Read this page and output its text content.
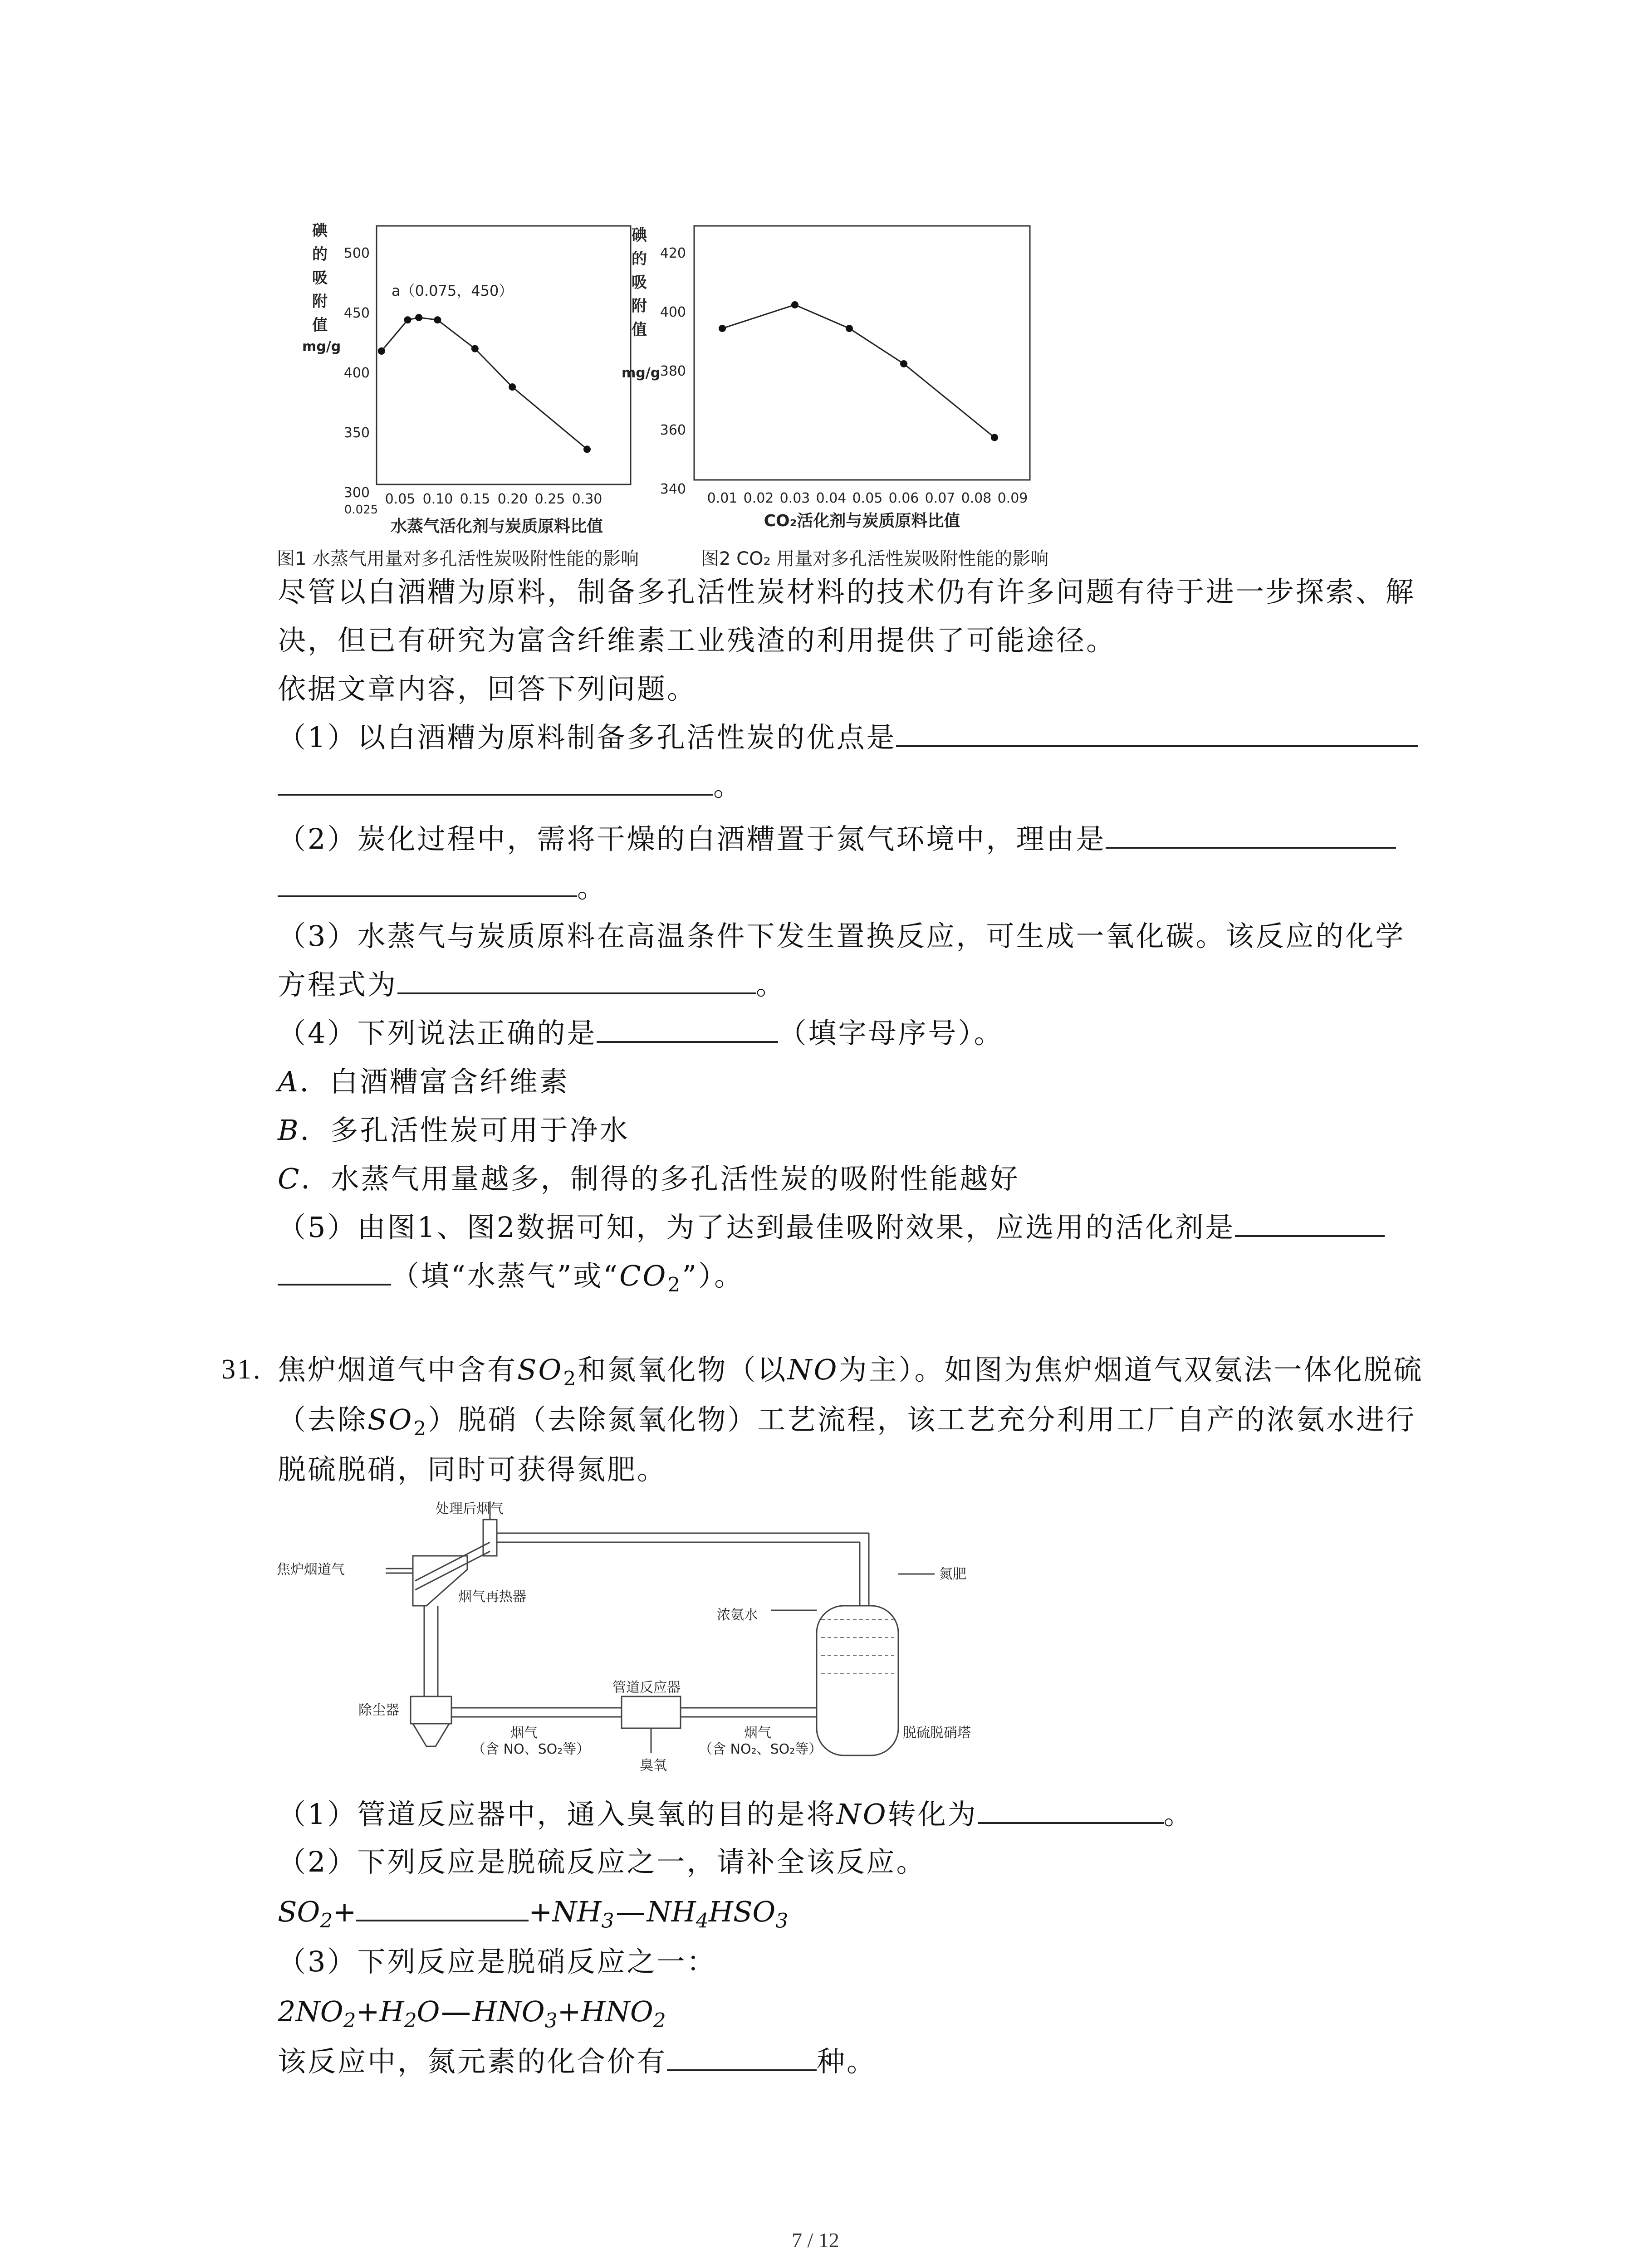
碘
的
吸
附
值
mg/g
500
450
400
350
300
0.025
0.05 0.10 0.15 0.20 0.25 0.30
a（0.075，450）
水蒸气活化剂与炭质原料比值
图1 水蒸气用量对多孔活性炭吸附性能的影响
碘
的
吸
附
值
mg/g
420
400
380
360
340
0.01 0.02 0.03 0.04 0.05 0.06 0.07 0.08 0.09
CO₂活化剂与炭质原料比值
图2 CO₂ 用量对多孔活性炭吸附性能的影响
尽管以白酒糟为原料，制备多孔活性炭材料的技术仍有许多问题有待于进一步探索、解
决，但已有研究为富含纤维素工业残渣的利用提供了可能途径。
依据文章内容，回答下列问题。
（1）以白酒糟为原料制备多孔活性炭的优点是
。
（2）炭化过程中，需将干燥的白酒糟置于氮气环境中，理由是
。
（3）水蒸气与炭质原料在高温条件下发生置换反应，可生成一氧化碳。该反应的化学
方程式为	。
（4）下列说法正确的是	（填字母序号）。
A．白酒糟富含纤维素
B．多孔活性炭可用于净水
C．水蒸气用量越多，制得的多孔活性炭的吸附性能越好
（5）由图1、图2数据可知，为了达到最佳吸附效果，应选用的活化剂是
（填“水蒸气”或“$CO_2$”）。
31. 焦炉烟道气中含有$SO_2$和氮氧化物（以NO为主）。如图为焦炉烟道气双氨法一体化脱硫
（去除$SO_2$）脱硝（去除氮氧化物）工艺流程，该工艺充分利用工厂自产的浓氨水进行
脱硫脱硝，同时可获得氮肥。
处理后烟气
焦炉烟道气
烟气再热器
浓氨水
氮肥
除尘器
管道反应器
脱硫脱硝塔
烟气
（含 NO、SO₂等）
烟气
（含 NO₂、SO₂等）
臭氧
（1）管道反应器中，通入臭氧的目的是将NO转化为	。
（2）下列反应是脱硫反应之一，请补全该反应。
$SO_2+$	$+NH_3$ $NH_4HSO_3$
（3）下列反应是脱硝反应之一：
$2NO_2+H_2O$ $HNO_3+HNO_2$
该反应中，氮元素的化合价有	种。
7 / 12
